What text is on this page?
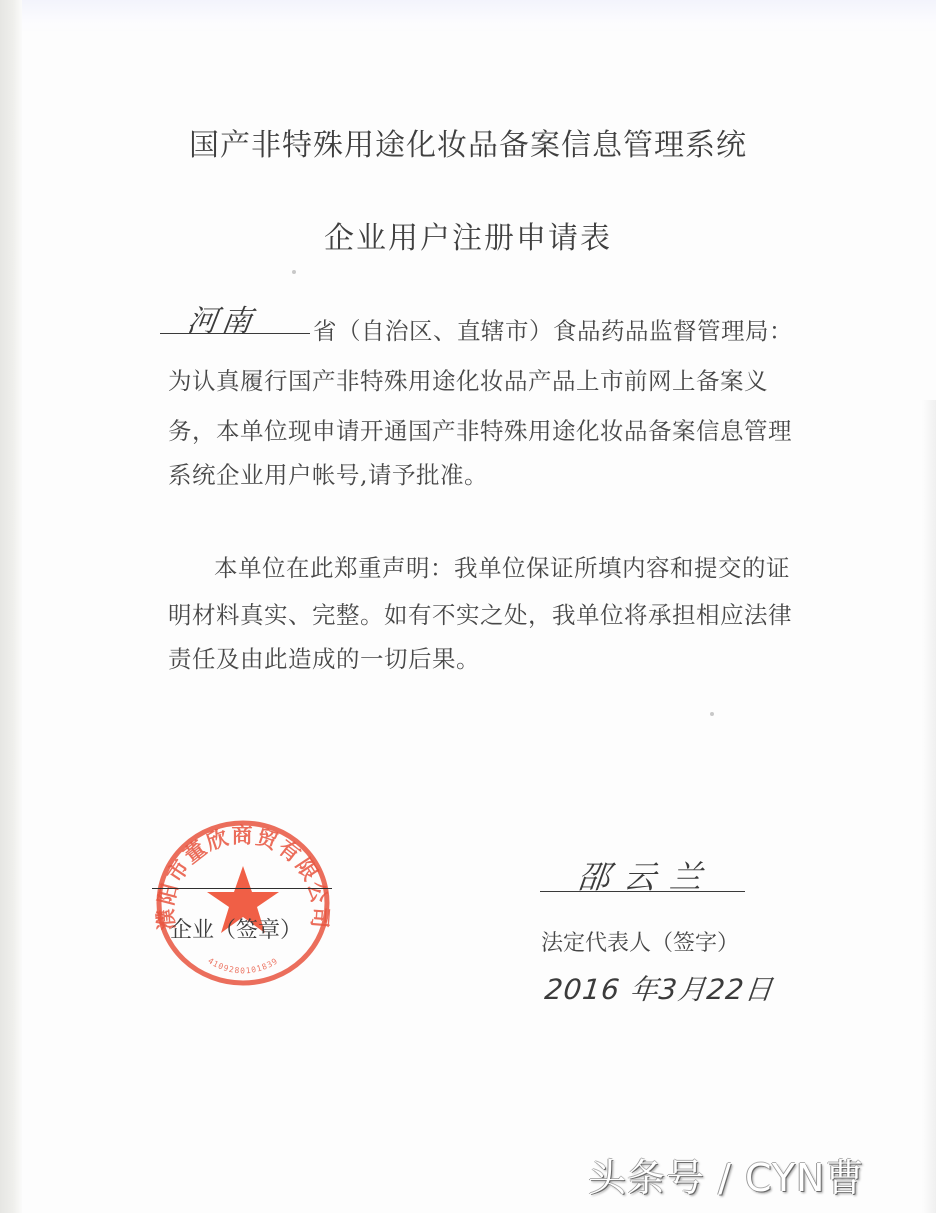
国产非特殊用途化妆品备案信息管理系统
企业用户注册申请表
河南 省（自治区、直辖市）食品药品监督管理局：
为认真履行国产非特殊用途化妆品产品上市前网上备案义
务，本单位现申请开通国产非特殊用途化妆品备案信息管理
系统企业用户帐号,请予批准。
本单位在此郑重声明：我单位保证所填内容和提交的证
明材料真实、完整。如有不实之处，我单位将承担相应法律
责任及由此造成的一切后果。
濮阳市董欣商贸有限公司
4109280101839
企业（签章）
邵云兰
法定代表人（签字）
2016 年3月22日
头条号 / CYN曹
